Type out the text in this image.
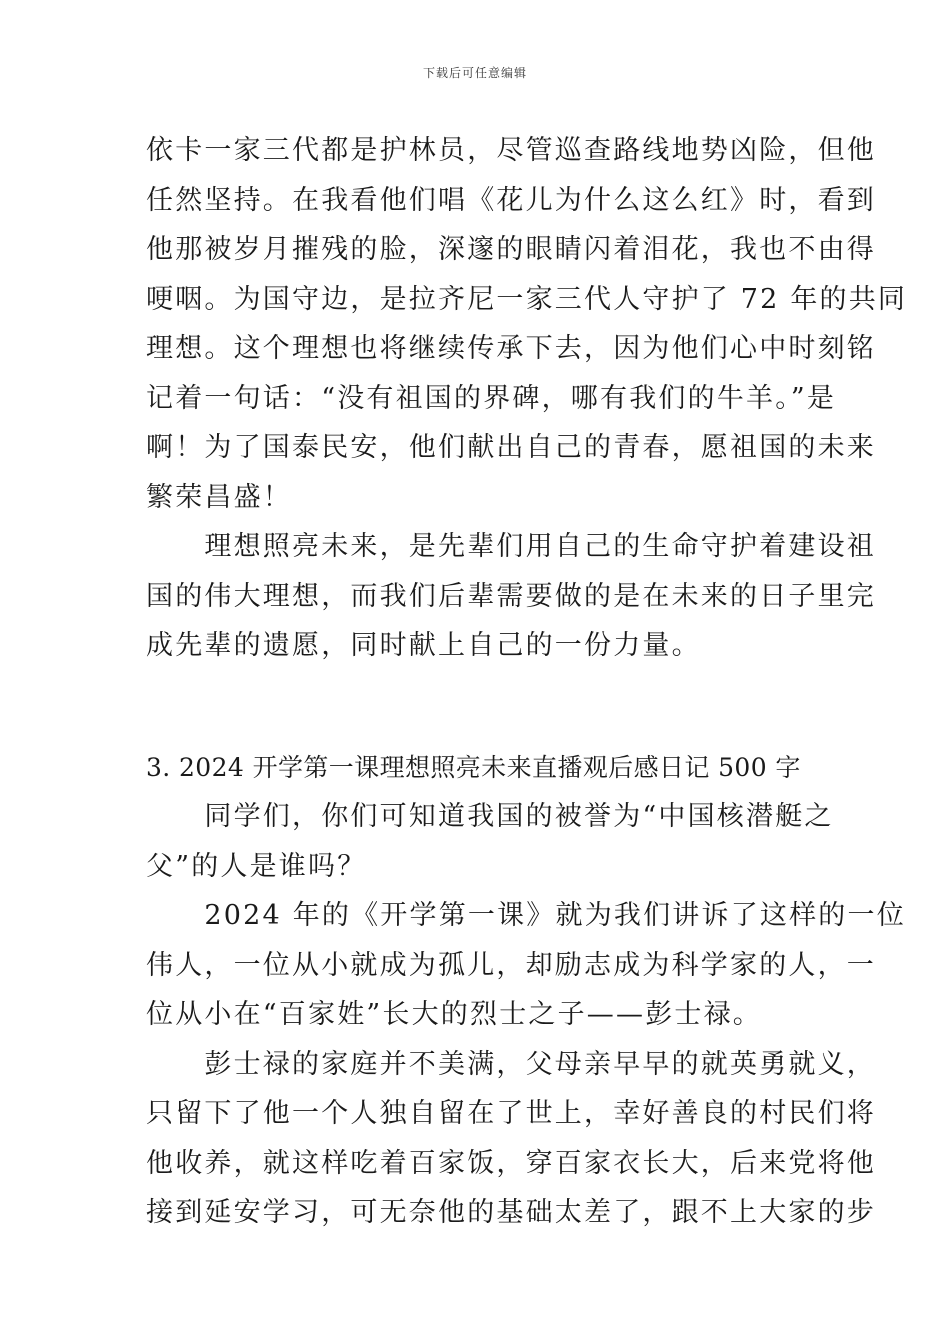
下载后可任意编辑
依卡一家三代都是护林员，尽管巡查路线地势凶险，但他
任然坚持。在我看他们唱《花儿为什么这么红》时，看到
他那被岁月摧残的脸，深邃的眼睛闪着泪花，我也不由得
哽咽。为国守边，是拉齐尼一家三代人守护了 72 年的共同
理想。这个理想也将继续传承下去，因为他们心中时刻铭
记着一句话：“没有祖国的界碑，哪有我们的牛羊。”是
啊！为了国泰民安，他们献出自己的青春，愿祖国的未来
繁荣昌盛！
　　理想照亮未来，是先辈们用自己的生命守护着建设祖
国的伟大理想，而我们后辈需要做的是在未来的日子里完
成先辈的遗愿，同时献上自己的一份力量。
3. 2024 开学第一课理想照亮未来直播观后感日记 500 字
　　同学们，你们可知道我国的被誉为“中国核潜艇之
父”的人是谁吗？
　　2024 年的《开学第一课》就为我们讲诉了这样的一位
伟人，一位从小就成为孤儿，却励志成为科学家的人，一
位从小在“百家姓”长大的烈士之子——彭士禄。
　　彭士禄的家庭并不美满，父母亲早早的就英勇就义，
只留下了他一个人独自留在了世上，幸好善良的村民们将
他收养，就这样吃着百家饭，穿百家衣长大，后来党将他
接到延安学习，可无奈他的基础太差了，跟不上大家的步
